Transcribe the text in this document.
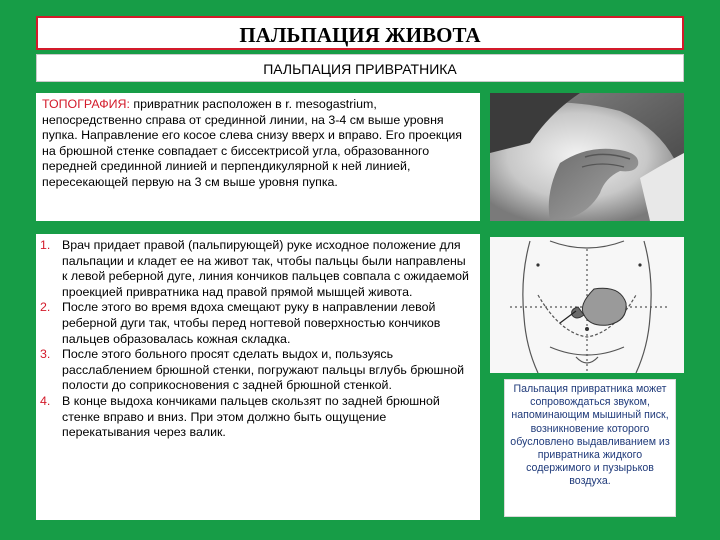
ПАЛЬПАЦИЯ ЖИВОТА
ПАЛЬПАЦИЯ ПРИВРАТНИКА
ТОПОГРАФИЯ: привратник расположен в r. mesogastrium, непосредственно справа от срединной линии, на 3-4 см выше уровня пупка. Направление его косое слева снизу вверх и вправо. Его проекция на брюшной стенке совпадает с биссектрисой угла, образованного передней срединной линией и перпендикулярной к ней линией, пересекающей первую на 3 см выше уровня пупка.
1. Врач придает правой (пальпирующей) руке исходное положение для пальпации и кладет ее на живот так, чтобы пальцы были направлены к левой реберной дуге, линия кончиков пальцев совпала с ожидаемой проекцией привратника над правой прямой мышцей живота.
2. После этого во время вдоха смещают руку в направлении левой реберной дуги так, чтобы перед ногтевой поверхностью кончиков пальцев образовалась кожная складка.
3. После этого больного просят сделать выдох и, пользуясь расслаблением брюшной стенки, погружают пальцы вглубь брюшной полости до соприкосновения с задней брюшной стенкой.
4. В конце выдоха кончиками пальцев скользят по задней брюшной стенке вправо и вниз. При этом должно быть ощущение перекатывания через валик.
Пальпация привратника может сопровождаться звуком, напоминающим мышиный писк, возникновение которого обусловлено выдавливанием из привратника жидкого содержимого и пузырьков воздуха.
